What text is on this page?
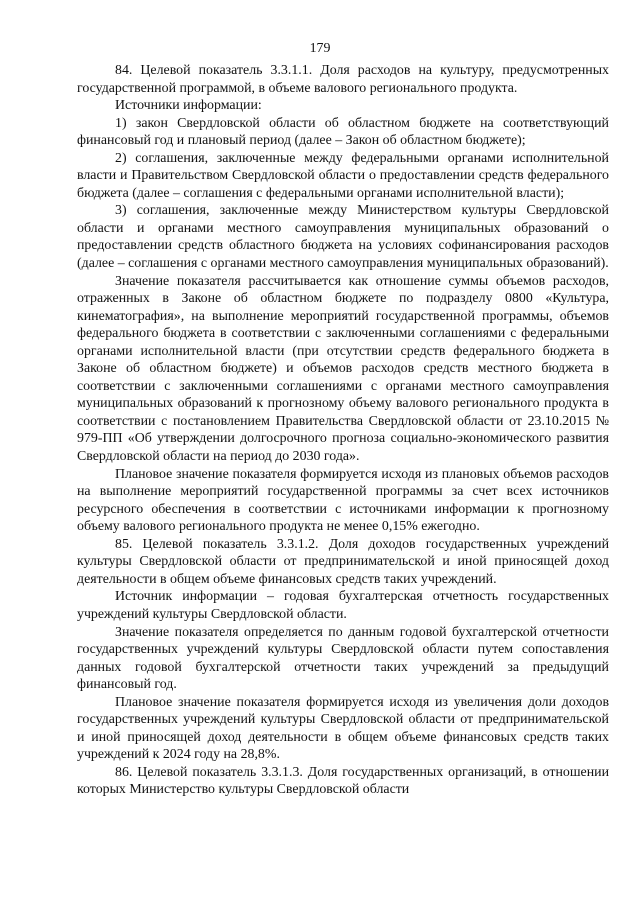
179

84. Целевой показатель 3.3.1.1. Доля расходов на культуру, предусмотренных государственной программой, в объеме валового регионального продукта.

Источники информации:

1) закон Свердловской области об областном бюджете на соответствующий финансовый год и плановый период (далее – Закон об областном бюджете);

2) соглашения, заключенные между федеральными органами исполнительной власти и Правительством Свердловской области о предоставлении средств федерального бюджета (далее – соглашения с федеральными органами исполнительной власти);

3) соглашения, заключенные между Министерством культуры Свердловской области и органами местного самоуправления муниципальных образований о предоставлении средств областного бюджета на условиях софинансирования расходов (далее – соглашения с органами местного самоуправления муниципальных образований).

Значение показателя рассчитывается как отношение суммы объемов расходов, отраженных в Законе об областном бюджете по подразделу 0800 «Культура, кинематография», на выполнение мероприятий государственной программы, объемов федерального бюджета в соответствии с заключенными соглашениями с федеральными органами исполнительной власти (при отсутствии средств федерального бюджета в Законе об областном бюджете) и объемов расходов средств местного бюджета в соответствии с заключенными соглашениями с органами местного самоуправления муниципальных образований к прогнозному объему валового регионального продукта в соответствии с постановлением Правительства Свердловской области от 23.10.2015 № 979-ПП «Об утверждении долгосрочного прогноза социально-экономического развития Свердловской области на период до 2030 года».

Плановое значение показателя формируется исходя из плановых объемов расходов на выполнение мероприятий государственной программы за счет всех источников ресурсного обеспечения в соответствии с источниками информации к прогнозному объему валового регионального продукта не менее 0,15% ежегодно.

85. Целевой показатель 3.3.1.2. Доля доходов государственных учреждений культуры Свердловской области от предпринимательской и иной приносящей доход деятельности в общем объеме финансовых средств таких учреждений.

Источник информации – годовая бухгалтерская отчетность государственных учреждений культуры Свердловской области.

Значение показателя определяется по данным годовой бухгалтерской отчетности государственных учреждений культуры Свердловской области путем сопоставления данных годовой бухгалтерской отчетности таких учреждений за предыдущий финансовый год.

Плановое значение показателя формируется исходя из увеличения доли доходов государственных учреждений культуры Свердловской области от предпринимательской и иной приносящей доход деятельности в общем объеме финансовых средств таких учреждений к 2024 году на 28,8%.

86. Целевой показатель 3.3.1.3. Доля государственных организаций, в отношении которых Министерство культуры Свердловской области
